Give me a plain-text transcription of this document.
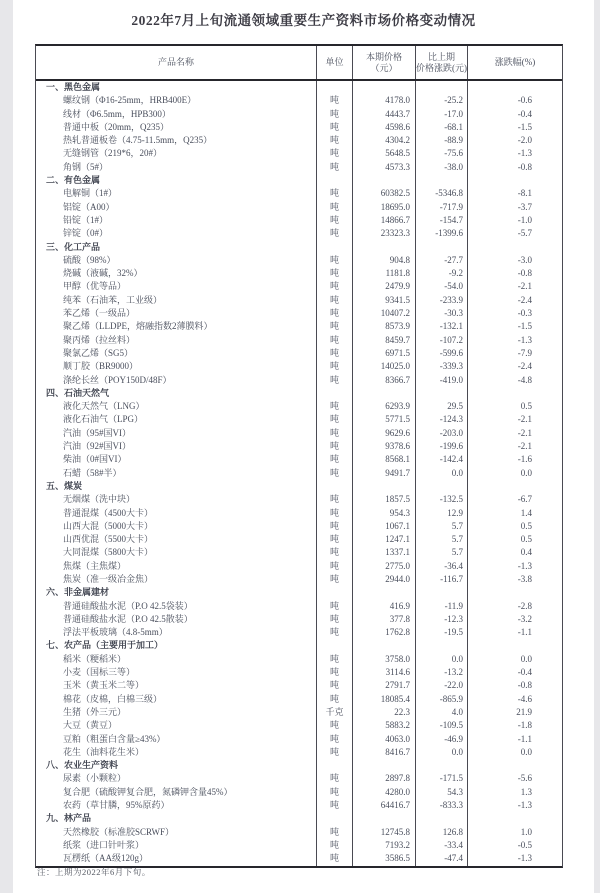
2022年7月上旬流通领域重要生产资料市场价格变动情况
产品名称	单位
本期价格
（元）
比上期
价格涨跌(元)
涨跌幅(%)
一、黑色金属
螺纹钢（Φ16-25mm，HRB400E）	吨	4178.0	-25.2	-0.6
线材（Φ6.5mm，HPB300）	吨	4443.7	-17.0	-0.4
普通中板（20mm，Q235）	吨	4598.6	-68.1	-1.5
热轧普通板卷（4.75-11.5mm，Q235）	吨	4304.2	-88.9	-2.0
无缝钢管（219*6，20#）	吨	5648.5	-75.6	-1.3
角钢（5#）	吨	4573.3	-38.0	-0.8
二、有色金属
电解铜（1#）	吨	60382.5	-5346.8	-8.1
铝锭（A00）	吨	18695.0	-717.9	-3.7
铅锭（1#）	吨	14866.7	-154.7	-1.0
锌锭（0#）	吨	23323.3	-1399.6	-5.7
三、化工产品
硫酸（98%）	吨	904.8	-27.7	-3.0
烧碱（液碱，32%）	吨	1181.8	-9.2	-0.8
甲醇（优等品）	吨	2479.9	-54.0	-2.1
纯苯（石油苯，工业级）	吨	9341.5	-233.9	-2.4
苯乙烯（一级品）	吨	10407.2	-30.3	-0.3
聚乙烯（LLDPE，熔融指数2薄膜料）	吨	8573.9	-132.1	-1.5
聚丙烯（拉丝料）	吨	8459.7	-107.2	-1.3
聚氯乙烯（SG5）	吨	6971.5	-599.6	-7.9
顺丁胶（BR9000）	吨	14025.0	-339.3	-2.4
涤纶长丝（POY150D/48F）	吨	8366.7	-419.0	-4.8
四、石油天然气
液化天然气（LNG）	吨	6293.9	29.5	0.5
液化石油气（LPG）	吨	5771.5	-124.3	-2.1
汽油（95#国VI）	吨	9629.6	-203.0	-2.1
汽油（92#国VI）	吨	9378.6	-199.6	-2.1
柴油（0#国VI）	吨	8568.1	-142.4	-1.6
石蜡（58#半）	吨	9491.7	0.0	0.0
五、煤炭
无烟煤（洗中块）	吨	1857.5	-132.5	-6.7
普通混煤（4500大卡）	吨	954.3	12.9	1.4
山西大混（5000大卡）	吨	1067.1	5.7	0.5
山西优混（5500大卡）	吨	1247.1	5.7	0.5
大同混煤（5800大卡）	吨	1337.1	5.7	0.4
焦煤（主焦煤）	吨	2775.0	-36.4	-1.3
焦炭（准一级冶金焦）	吨	2944.0	-116.7	-3.8
六、非金属建材
普通硅酸盐水泥（P.O 42.5袋装）	吨	416.9	-11.9	-2.8
普通硅酸盐水泥（P.O 42.5散装）	吨	377.8	-12.3	-3.2
浮法平板玻璃（4.8-5mm）	吨	1762.8	-19.5	-1.1
七、农产品（主要用于加工）
稻米（粳稻米）	吨	3758.0	0.0	0.0
小麦（国标三等）	吨	3114.6	-13.2	-0.4
玉米（黄玉米二等）	吨	2791.7	-22.0	-0.8
棉花（皮棉，白棉三级）	吨	18085.4	-865.9	-4.6
生猪（外三元）	千克	22.3	4.0	21.9
大豆（黄豆）	吨	5883.2	-109.5	-1.8
豆粕（粗蛋白含量≥43%）	吨	4063.0	-46.9	-1.1
花生（油料花生米）	吨	8416.7	0.0	0.0
八、农业生产资料
尿素（小颗粒）	吨	2897.8	-171.5	-5.6
复合肥（硫酸钾复合肥，氮磷钾含量45%）	吨	4280.0	54.3	1.3
农药（草甘膦，95%原药）	吨	64416.7	-833.3	-1.3
九、林产品
天然橡胶（标准胶SCRWF）	吨	12745.8	126.8	1.0
纸浆（进口针叶浆）	吨	7193.2	-33.4	-0.5
瓦楞纸（AA级120g）	吨	3586.5	-47.4	-1.3
注：上期为2022年6月下旬。
